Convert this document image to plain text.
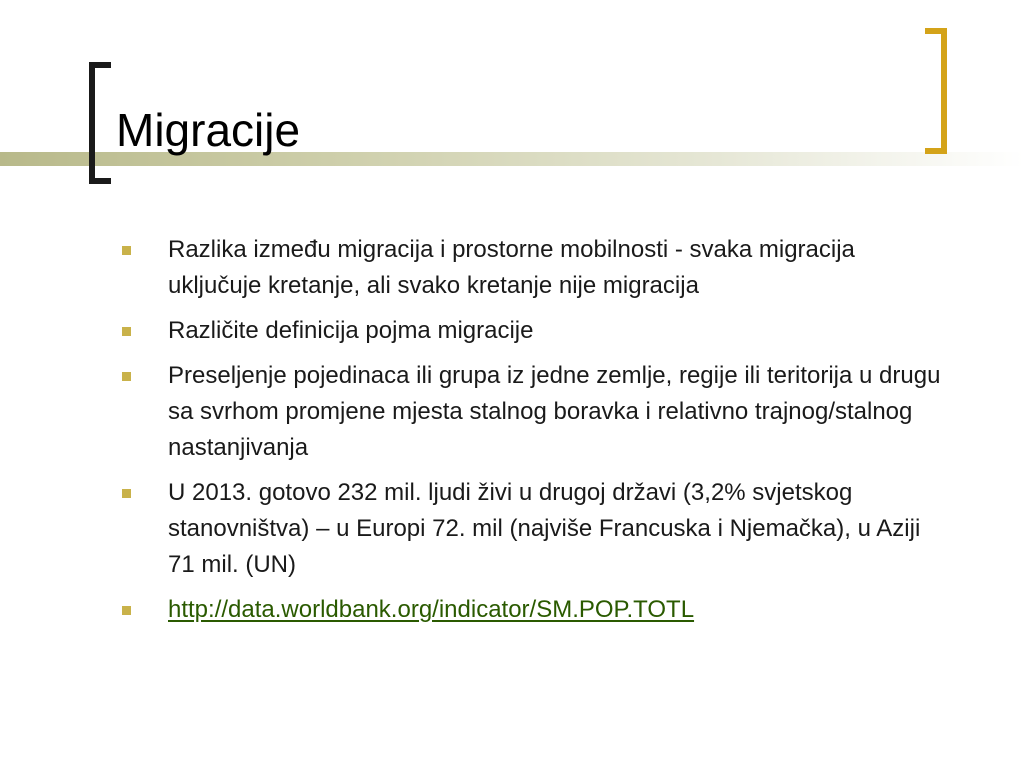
Migracije
Razlika između migracija i prostorne mobilnosti - svaka migracija uključuje kretanje, ali svako kretanje nije migracija
Različite definicija pojma migracije
Preseljenje pojedinaca ili grupa iz jedne zemlje, regije ili teritorija u drugu sa svrhom promjene mjesta stalnog boravka i relativno trajnog/stalnog nastanjivanja
U 2013. gotovo 232 mil. ljudi živi u drugoj državi (3,2% svjetskog stanovništva) – u Europi 72. mil (najviše Francuska i Njemačka), u Aziji 71 mil. (UN)
http://data.worldbank.org/indicator/SM.POP.TOTL
